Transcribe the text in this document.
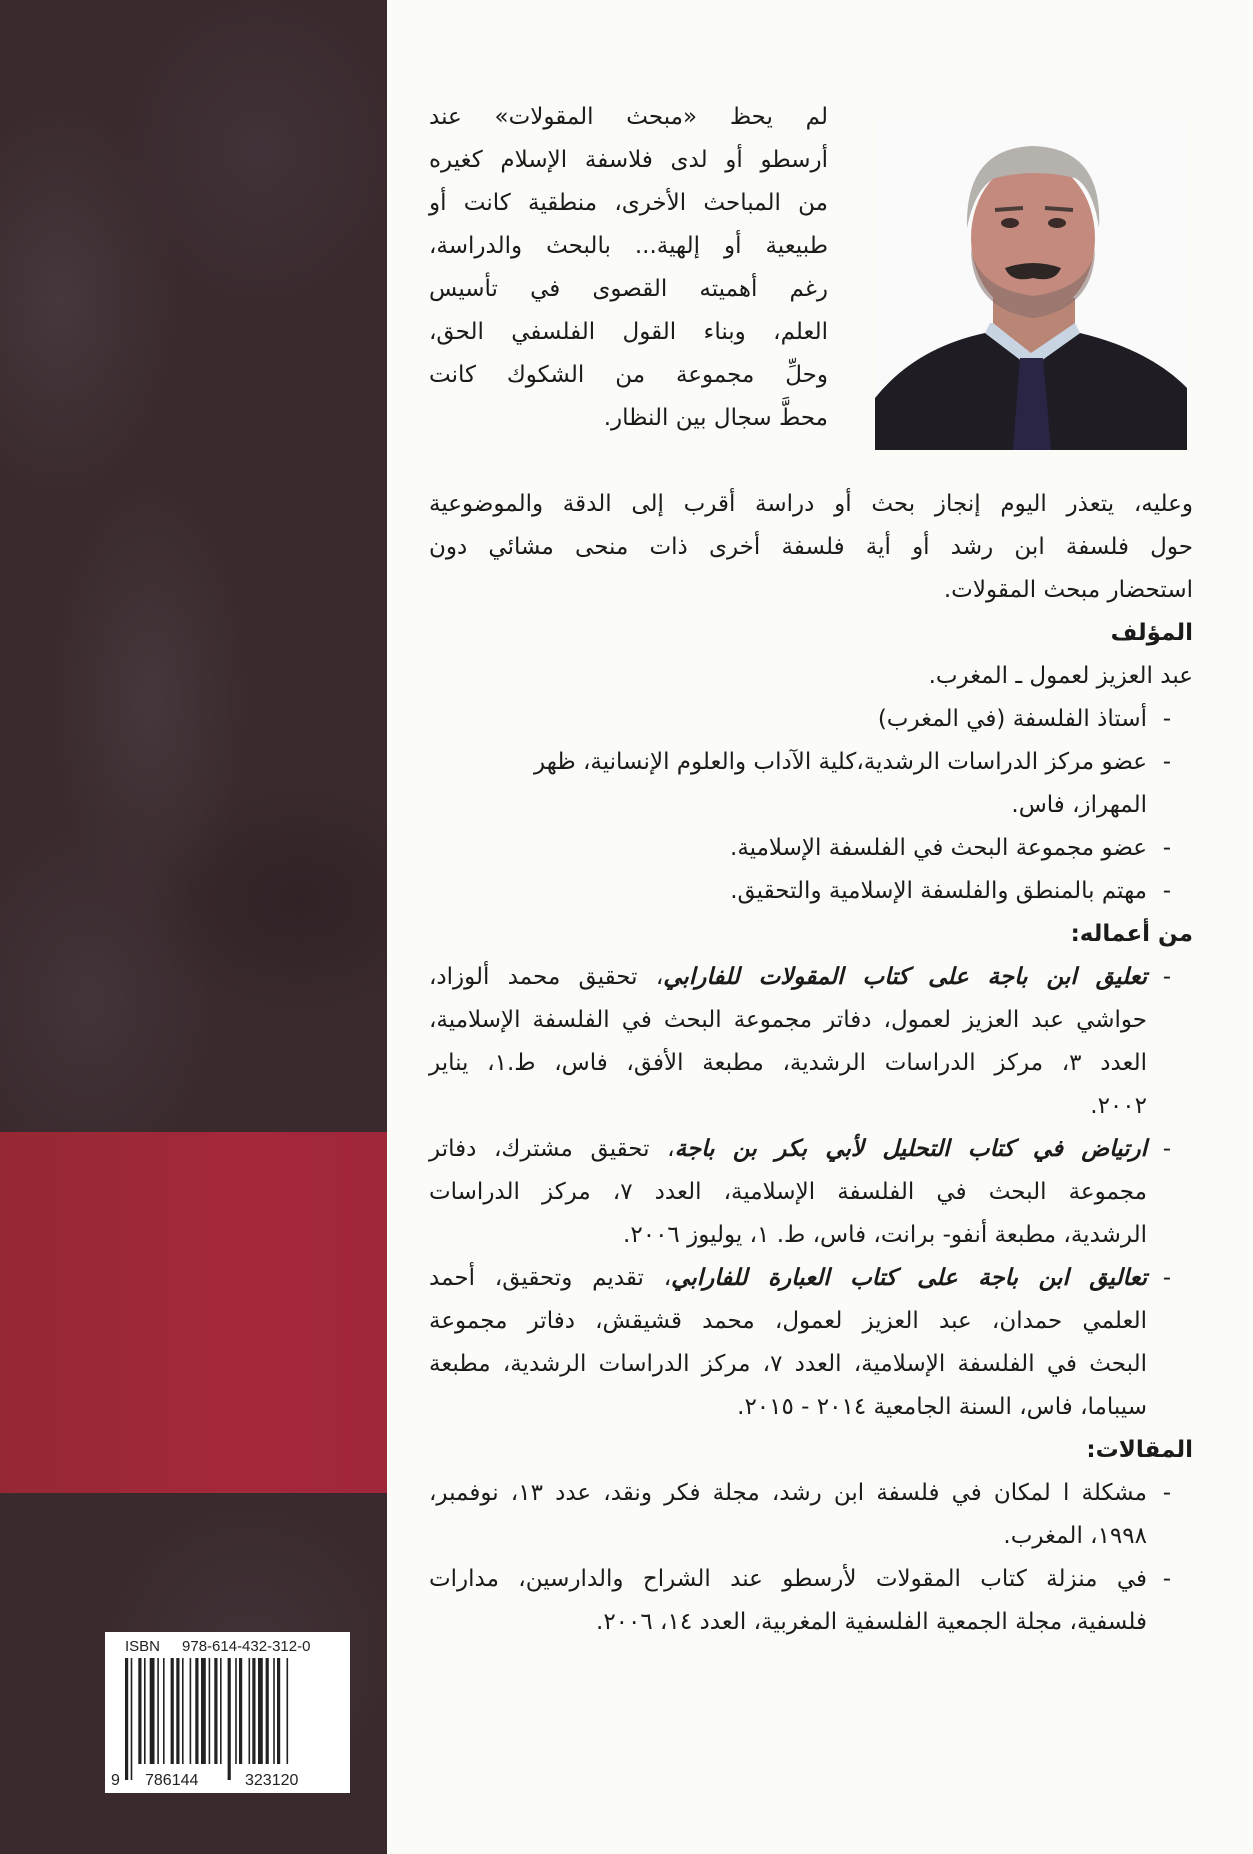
ISBN 978-614-432-312-0
9 786144	323120
لم يحظ «مبحث المقولات» عند
أرسطو أو لدى فلاسفة الإسلام كغيره
من المباحث الأخرى، منطقية كانت أو
طبيعية أو إلهية... بالبحث والدراسة،
رغم أهميته القصوى في تأسيس
العلم، وبناء القول الفلسفي الحق،
وحلِّ مجموعة من الشكوك كانت
محطَّ سجال بين النظار.
وعليه، يتعذر اليوم إنجاز بحث أو دراسة أقرب إلى الدقة والموضوعية
حول فلسفة ابن رشد أو أية فلسفة أخرى ذات منحى مشائي دون
استحضار مبحث المقولات.
المؤلف
عبد العزيز لعمول ـ المغرب.
-
أستاذ الفلسفة (في المغرب)
-
عضو مركز الدراسات الرشدية،كلية الآداب والعلوم الإنسانية، ظهر
المهراز، فاس.
-
عضو مجموعة البحث في الفلسفة الإسلامية.
-
مهتم بالمنطق والفلسفة الإسلامية والتحقيق.
من أعماله:
-
تعليق ابن باجة على كتاب المقولات للفارابي، تحقيق محمد ألوزاد،
حواشي عبد العزيز لعمول، دفاتر مجموعة البحث في الفلسفة الإسلامية،
العدد ٣، مركز الدراسات الرشدية، مطبعة الأفق، فاس، ط.١، يناير
٢٠٠٢.
-
ارتياض في كتاب التحليل لأبي بكر بن باجة، تحقيق مشترك، دفاتر
مجموعة البحث في الفلسفة الإسلامية، العدد ٧، مركز الدراسات
الرشدية، مطبعة أنفو- برانت، فاس، ط. ١، يوليوز ٢٠٠٦.
-
تعاليق ابن باجة على كتاب العبارة للفارابي، تقديم وتحقيق، أحمد
العلمي حمدان، عبد العزيز لعمول، محمد قشيقش، دفاتر مجموعة
البحث في الفلسفة الإسلامية، العدد ٧، مركز الدراسات الرشدية، مطبعة
سيباما، فاس، السنة الجامعية ٢٠١٤ - ٢٠١٥.
المقالات:
-
مشكلة ا لمكان في فلسفة ابن رشد، مجلة فكر ونقد، عدد ١٣، نوفمبر،
١٩٩٨، المغرب.
-
في منزلة كتاب المقولات لأرسطو عند الشراح والدارسين، مدارات
فلسفية، مجلة الجمعية الفلسفية المغربية، العدد ١٤، ٢٠٠٦.
